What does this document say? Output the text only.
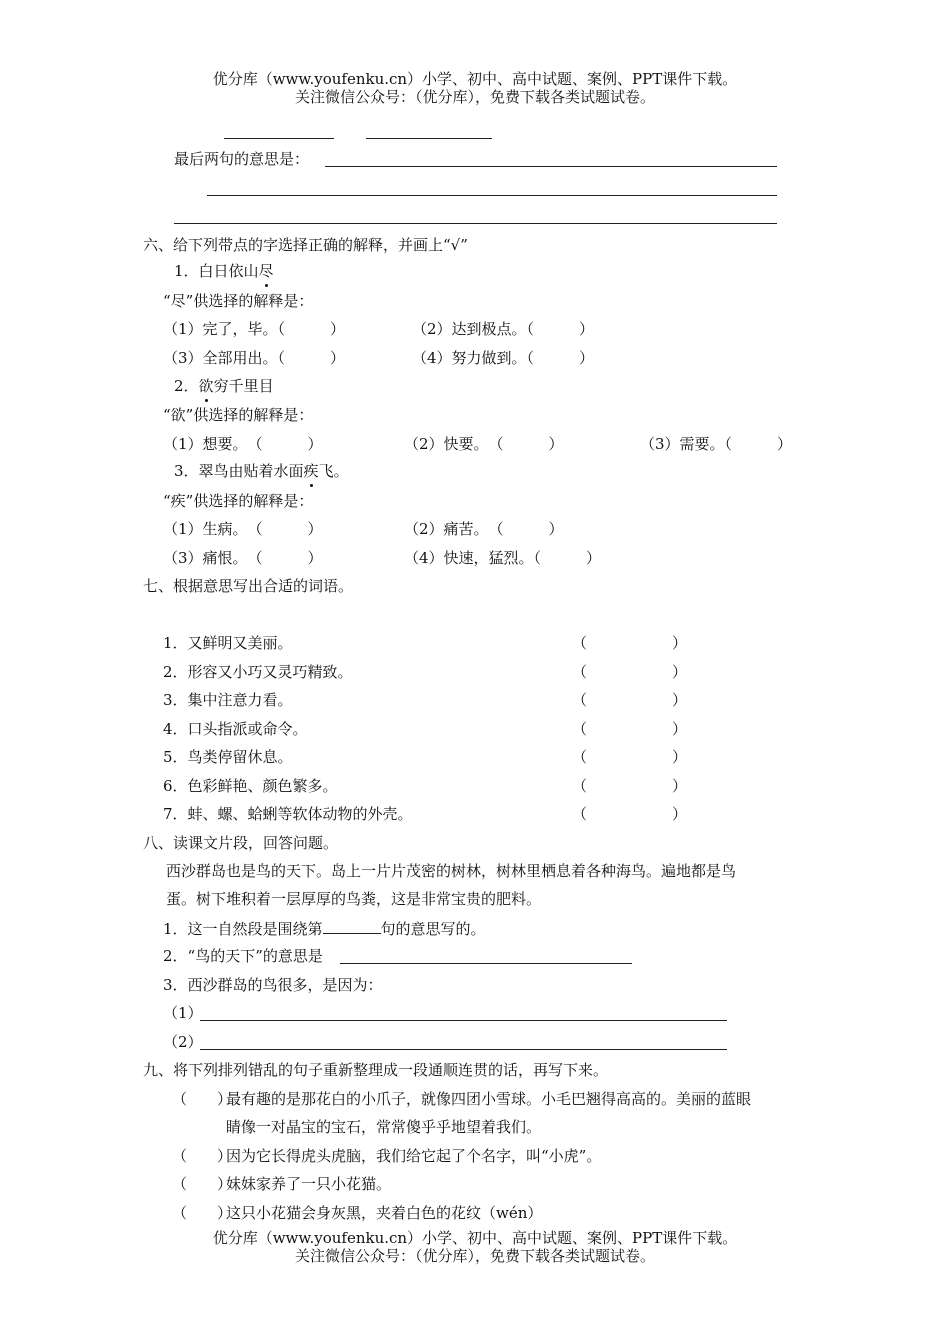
优分库（www.youfenku.cn）小学、初中、高中试题、案例、PPT课件下载。
关注微信公众号：（优分库），免费下载各类试题试卷。
最后两句的意思是：
六、给下列带点的字选择正确的解释，并画上“√”
1．白日依山尽
“尽”供选择的解释是：
（1）完了，毕。（　　　）	（2）达到极点。（　　　）
（3）全部用出。（　　　）	（4）努力做到。（　　　）
2．欲穷千里目
“欲”供选择的解释是：
（1）想要。　（　　　）	（2）快要。　（　　　）	（3）需要。（　　　）
3．翠鸟由贴着水面疾飞。
“疾”供选择的解释是：
（1）生病。　（　　　）	（2）痛苦。　（　　　）
（3）痛恨。　（　　　）	（4）快速，猛烈。（　　　）
七、根据意思写出合适的词语。
1．又鲜明又美丽。	（	）
2．形容又小巧又灵巧精致。	（	）
3．集中注意力看。	（	）
4．口头指派或命令。	（	）
5．鸟类停留休息。	（	）
6．色彩鲜艳、颜色繁多。	（	）
7．蚌、螺、蛤蜊等软体动物的外壳。	（	）
八、读课文片段，回答问题。
西沙群岛也是鸟的天下。岛上一片片茂密的树林，树林里栖息着各种海鸟。遍地都是鸟
蛋。树下堆积着一层厚厚的鸟粪，这是非常宝贵的肥料。
1．这一自然段是围绕第	句的意思写的。
2．“鸟的天下”的意思是
3．西沙群岛的鸟很多，是因为：
（1）
（2）
九、将下列排列错乱的句子重新整理成一段通顺连贯的话，再写下来。
（　　）
最有趣的是那花白的小爪子，就像四团小雪球。小毛巴翘得高高的。美丽的蓝眼
睛像一对晶宝的宝石，常常傻乎乎地望着我们。
（　　）
因为它长得虎头虎脑，我们给它起了个名字，叫“小虎”。
（　　）
妹妹家养了一只小花猫。
（　　）
这只小花猫会身灰黑，夹着白色的花纹（wén）
优分库（www.youfenku.cn）小学、初中、高中试题、案例、PPT课件下载。
关注微信公众号：（优分库），免费下载各类试题试卷。
